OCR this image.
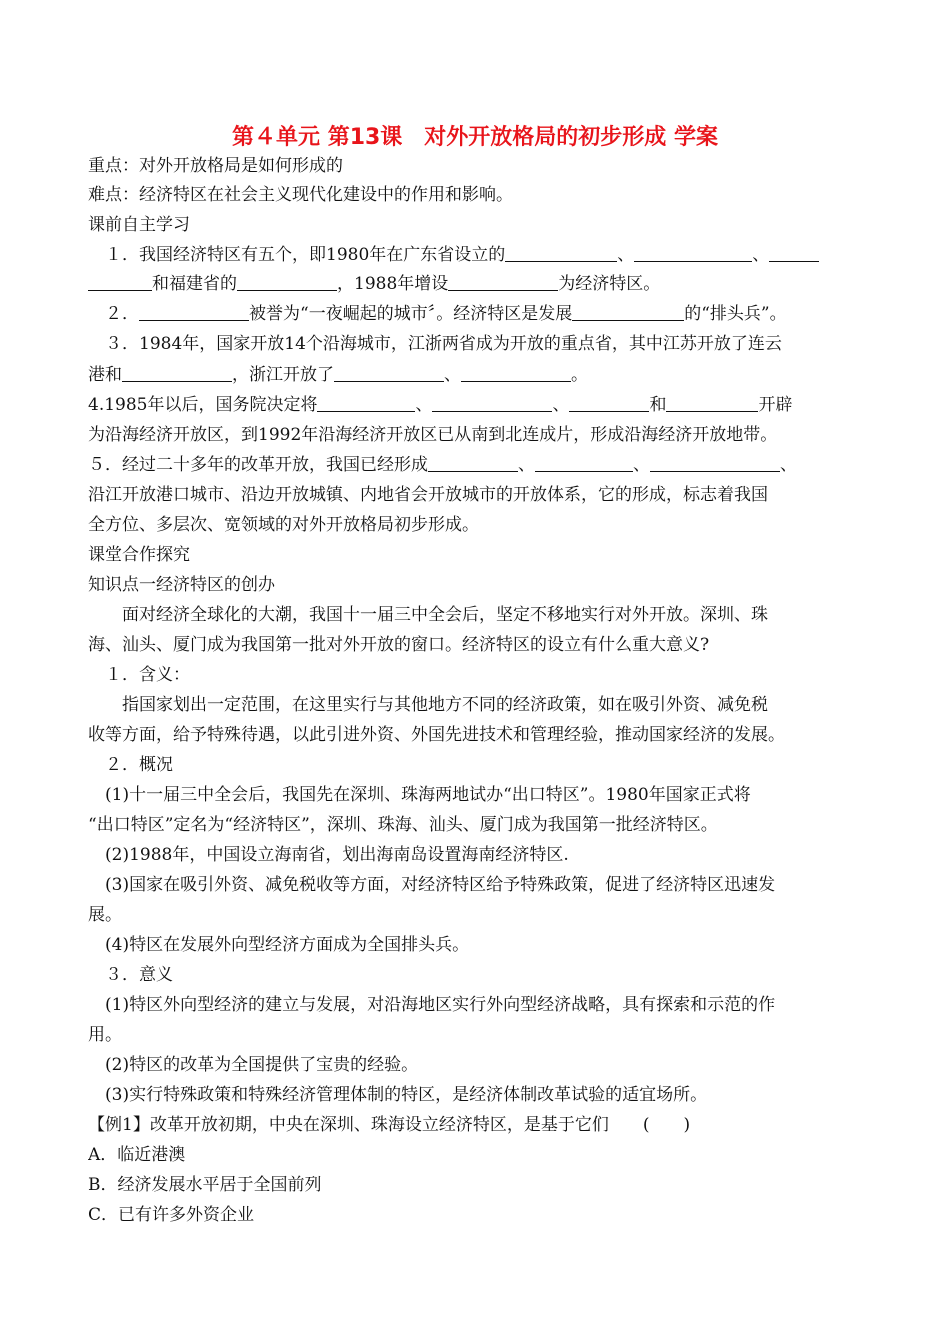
第４单元 第13课　对外开放格局的初步形成 学案
重点：对外开放格局是如何形成的
难点：经济特区在社会主义现代化建设中的作用和影响。
课前自主学习
１．我国经济特区有五个，即1980年在广东省设立的	、	、
和福建省的	，1988年增设	为经济特区。
２．	被誉为“一夜崛起的城市〞。经济特区是发展	的“排头兵”。
３．1984年，国家开放14个沿海城市，江浙两省成为开放的重点省，其中江苏开放了连云
港和	，浙江开放了	、	。
4.1985年以后，国务院决定将	、	、	和	开辟
为沿海经济开放区，到1992年沿海经济开放区已从南到北连成片，形成沿海经济开放地带。
５．经过二十多年的改革开放，我国已经形成	、	、	、
沿江开放港口城市、沿边开放城镇、内地省会开放城市的开放体系，它的形成，标志着我国
全方位、多层次、宽领域的对外开放格局初步形成。
课堂合作探究
知识点一经济特区的创办
面对经济全球化的大潮，我国十一届三中全会后，坚定不移地实行对外开放。深圳、珠
海、汕头、厦门成为我国第一批对外开放的窗口。经济特区的设立有什么重大意义?
１．含义：
指国家划出一定范围，在这里实行与其他地方不同的经济政策，如在吸引外资、减免税
收等方面，给予特殊待遇，以此引进外资、外国先进技术和管理经验，推动国家经济的发展。
２．概况
(1)十一届三中全会后，我国先在深圳、珠海两地试办“出口特区”。1980年国家正式将
“出口特区”定名为“经济特区”，深圳、珠海、汕头、厦门成为我国第一批经济特区。
(2)1988年，中国设立海南省，划出海南岛设置海南经济特区.
(3)国家在吸引外资、减免税收等方面，对经济特区给予特殊政策，促进了经济特区迅速发
展。
(4)特区在发展外向型经济方面成为全国排头兵。
３．意义
(1)特区外向型经济的建立与发展，对沿海地区实行外向型经济战略，具有探索和示范的作
用。
(2)特区的改革为全国提供了宝贵的经验。
(3)实行特殊政策和特殊经济管理体制的特区，是经济体制改革试验的适宜场所。
【例1】改革开放初期，中央在深圳、珠海设立经济特区，是基于它们　　(　　)
A．临近港澳
B．经济发展水平居于全国前列
C．已有许多外资企业
